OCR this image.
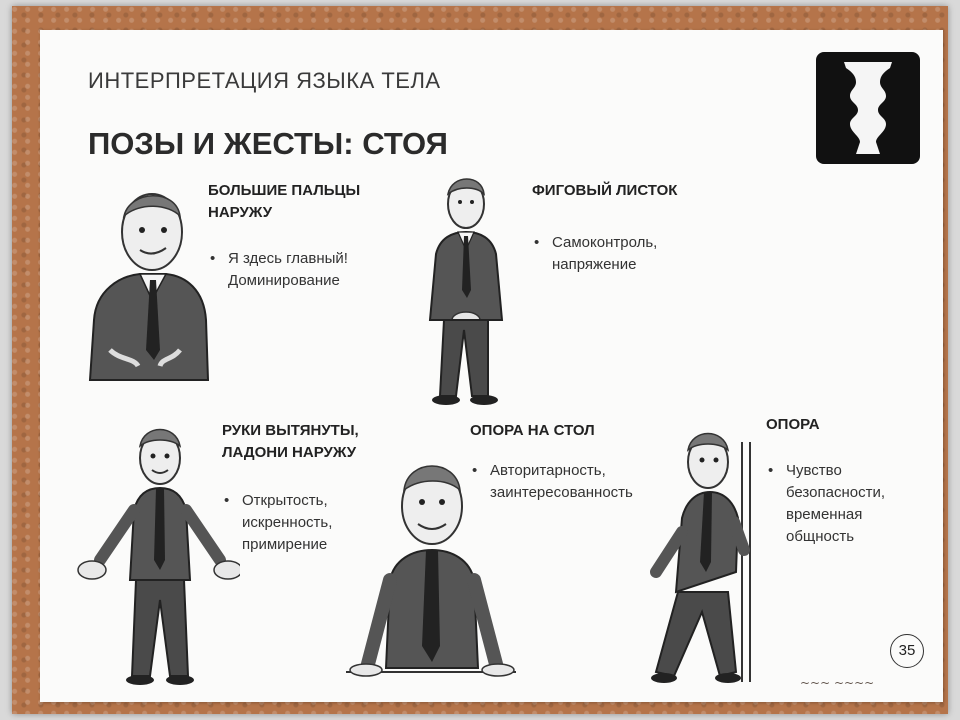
ИНТЕРПРЕТАЦИЯ ЯЗЫКА ТЕЛА
ПОЗЫ И ЖЕСТЫ: СТОЯ
БОЛЬШИЕ ПАЛЬЦЫ
НАРУЖУ
• Я здесь главный!
Доминирование
ФИГОВЫЙ ЛИСТОК
• Самоконтроль,
напряжение
РУКИ ВЫТЯНУТЫ,
ЛАДОНИ НАРУЖУ
• Открытость,
искренность,
примирение
ОПОРА НА СТОЛ
• Авторитарность,
заинтересованность
ОПОРА
• Чувство
безопасности,
временная
общность
35
~~~ ~~~~
